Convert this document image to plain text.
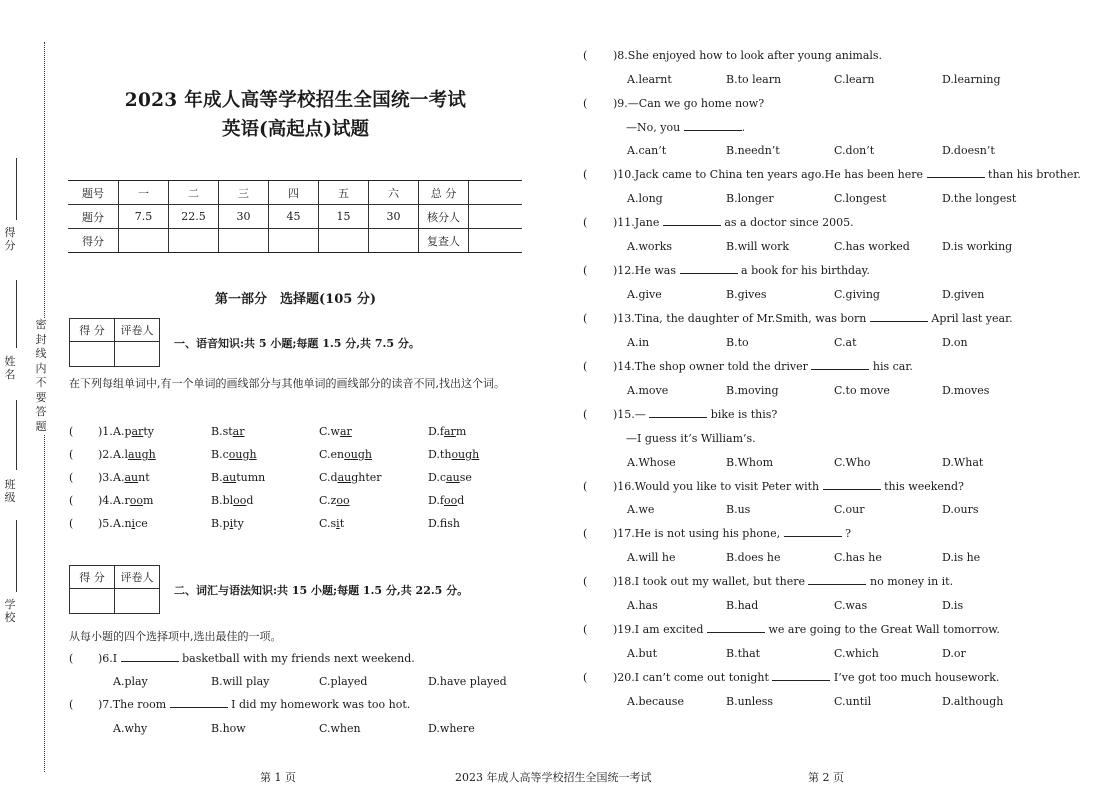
得 分
姓 名
班 级
学 校
密封线内不要答题
2023 年成人高等学校招生全国统一考试
英语(高起点)试题
题号	一	二	三	四	五	六	总 分	
题分	7.5	22.5	30	45	15	30	核分人	
得分							复查人	
第一部分　选择题(105 分)
得 分	评卷人

一、语音知识:共 5 小题;每题 1.5 分,共 7.5 分。
在下列每组单词中,有一个单词的画线部分与其他单词的画线部分的读音不同,找出这个词。
( )1. A.party	B.star	C.war	D.farm
( )2. A.laugh	B.cough	C.enough	D.though
( )3. A.aunt	B.autumn	C.daughter	D.cause
( )4. A.room	B.blood	C.zoo	D.food
( )5. A.nice	B.pity	C.sit	D.fsh
得 分	评卷人

二、词汇与语法知识:共 15 小题;每题 1.5 分,共 22.5 分。
从每小题的四个选择项中,选出最佳的一项。
( )6.I	basketball with my friends next weekend.
A.play	B.will play	C.played	D.have played
( )7.The room	I did my homework was too hot.
A.why	B.how	C.when	D.where
( )8.She enjoyed how to look after young animals.
A.learnt	B.to learn	C.learn	D.learning
( )9.—Can we go home now?
—No, you	.
A.can’t	B.needn’t	C.don’t	D.doesn’t
( )10.Jack came to China ten years ago.He has been here	than his brother.
A.long	B.longer	C.longest	D.the longest
( )11.Jane	as a doctor since 2005.
A.works	B.will work	C.has worked	D.is working
( )12.He was	a book for his birthday.
A.give	B.gives	C.giving	D.given
( )13.Tina, the daughter of Mr.Smith, was born	April last year.
A.in	B.to	C.at	D.on
( )14.The shop owner told the driver	his car.
A.move	B.moving	C.to move	D.moves
( )15.—	bike is this?
—I guess it’s William’s.
A.Whose	B.Whom	C.Who	D.What
( )16.Would you like to visit Peter with	this weekend?
A.we	B.us	C.our	D.ours
( )17.He is not using his phone,	?
A.will he	B.does he	C.has he	D.is he
( )18.I took out my wallet, but there	no money in it.
A.has	B.had	C.was	D.is
( )19.I am excited	we are going to the Great Wall tomorrow.
A.but	B.that	C.which	D.or
( )20.I can’t come out tonight	I’ve got too much housework.
A.because	B.unless	C.until	D.although
第 1 页	2023 年成人高等学校招生全国统一考试	第 2 页
